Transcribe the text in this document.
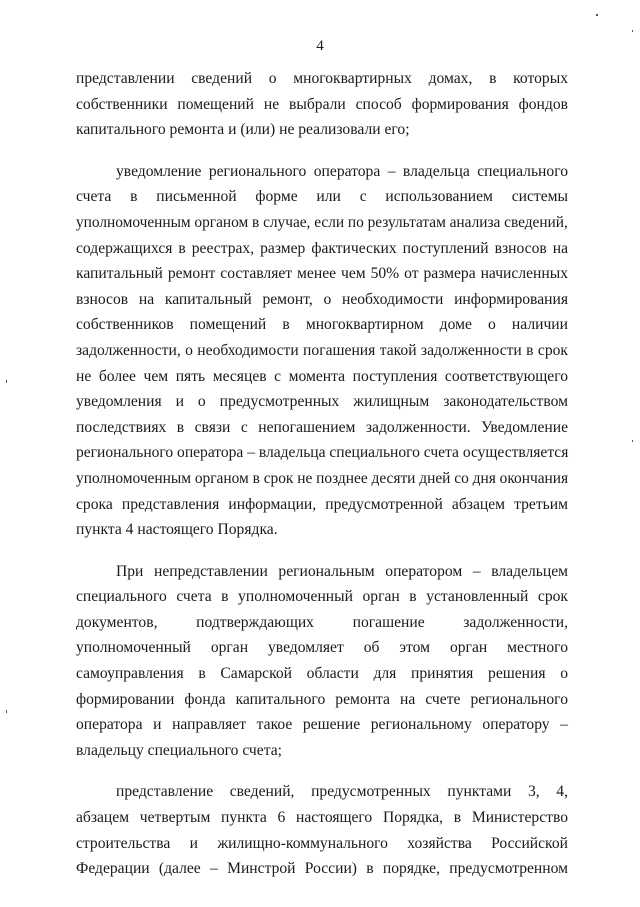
4
представлении сведений о многоквартирных домах, в которых
собственники помещений не выбрали способ формирования фондов
капитального ремонта и (или) не реализовали его;
уведомление регионального оператора – владельца специального
счета в письменной форме или с использованием системы
уполномоченным органом в случае, если по результатам анализа сведений,
содержащихся в реестрах, размер фактических поступлений взносов на
капитальный ремонт составляет менее чем 50% от размера начисленных
взносов на капитальный ремонт, о необходимости информирования
собственников помещений в многоквартирном доме о наличии
задолженности, о необходимости погашения такой задолженности в срок
не более чем пять месяцев с момента поступления соответствующего
уведомления и о предусмотренных жилищным законодательством
последствиях в связи с непогашением задолженности. Уведомление
регионального оператора – владельца специального счета осуществляется
уполномоченным органом в срок не позднее десяти дней со дня окончания
срока представления информации, предусмотренной абзацем третьим
пункта 4 настоящего Порядка.
При непредставлении региональным оператором – владельцем
специального счета в уполномоченный орган в установленный срок
документов, подтверждающих погашение задолженности,
уполномоченный орган уведомляет об этом орган местного
самоуправления в Самарской области для принятия решения о
формировании фонда капитального ремонта на счете регионального
оператора и направляет такое решение региональному оператору –
владельцу специального счета;
представление сведений, предусмотренных пунктами 3, 4,
абзацем четвертым пункта 6 настоящего Порядка, в Министерство
строительства и жилищно-коммунального хозяйства Российской
Федерации (далее – Минстрой России) в порядке, предусмотренном
